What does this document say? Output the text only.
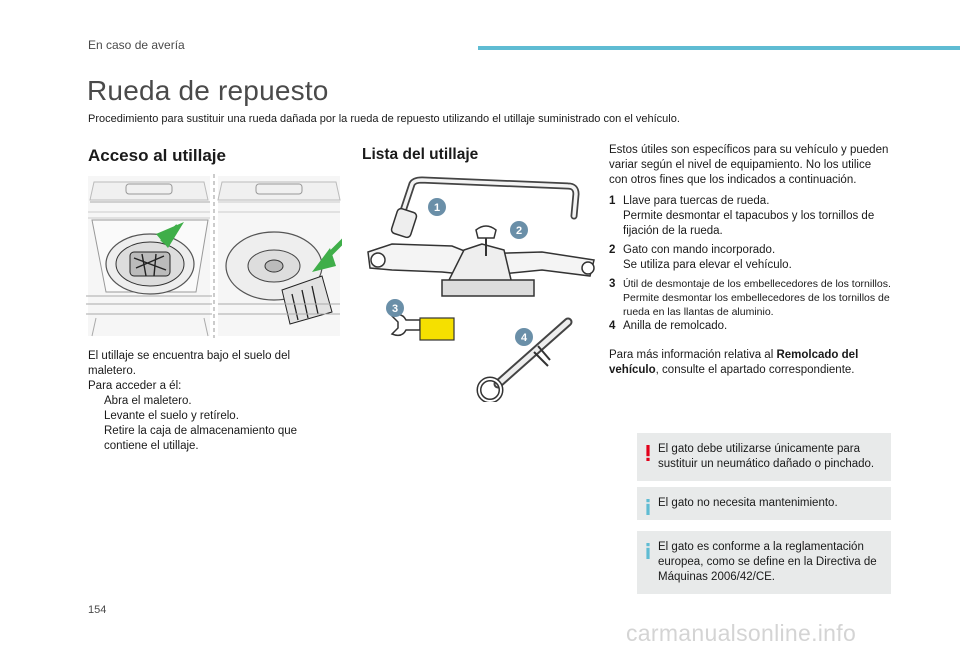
En caso de avería
Rueda de repuesto
Procedimiento para sustituir una rueda dañada por la rueda de repuesto utilizando el utillaje suministrado con el vehículo.
Acceso al utillaje
El utillaje se encuentra bajo el suelo del maletero.
Para acceder a él:
Abra el maletero.
Levante el suelo y retírelo.
Retire la caja de almacenamiento que contiene el utillaje.
Lista del utillaje
1
2
3
4
Estos útiles son específicos para su vehículo y pueden variar según el nivel de equipamiento. No los utilice con otros fines que los indicados a continuación.
1 Llave para tuercas de rueda.
Permite desmontar el tapacubos y los tornillos de fijación de la rueda.
2 Gato con mando incorporado.
Se utiliza para elevar el vehículo.
3 Útil de desmontaje de los embellecedores de los tornillos.
Permite desmontar los embellecedores de los tornillos de rueda en las llantas de aluminio.
4 Anilla de remolcado.
Para más información relativa al Remolcado del vehículo, consulte el apartado correspondiente.
El gato debe utilizarse únicamente para sustituir un neumático dañado o pinchado.
El gato no necesita mantenimiento.
El gato es conforme a la reglamentación europea, como se define en la Directiva de Máquinas 2006/42/CE.
154
carmanualsonline.info
